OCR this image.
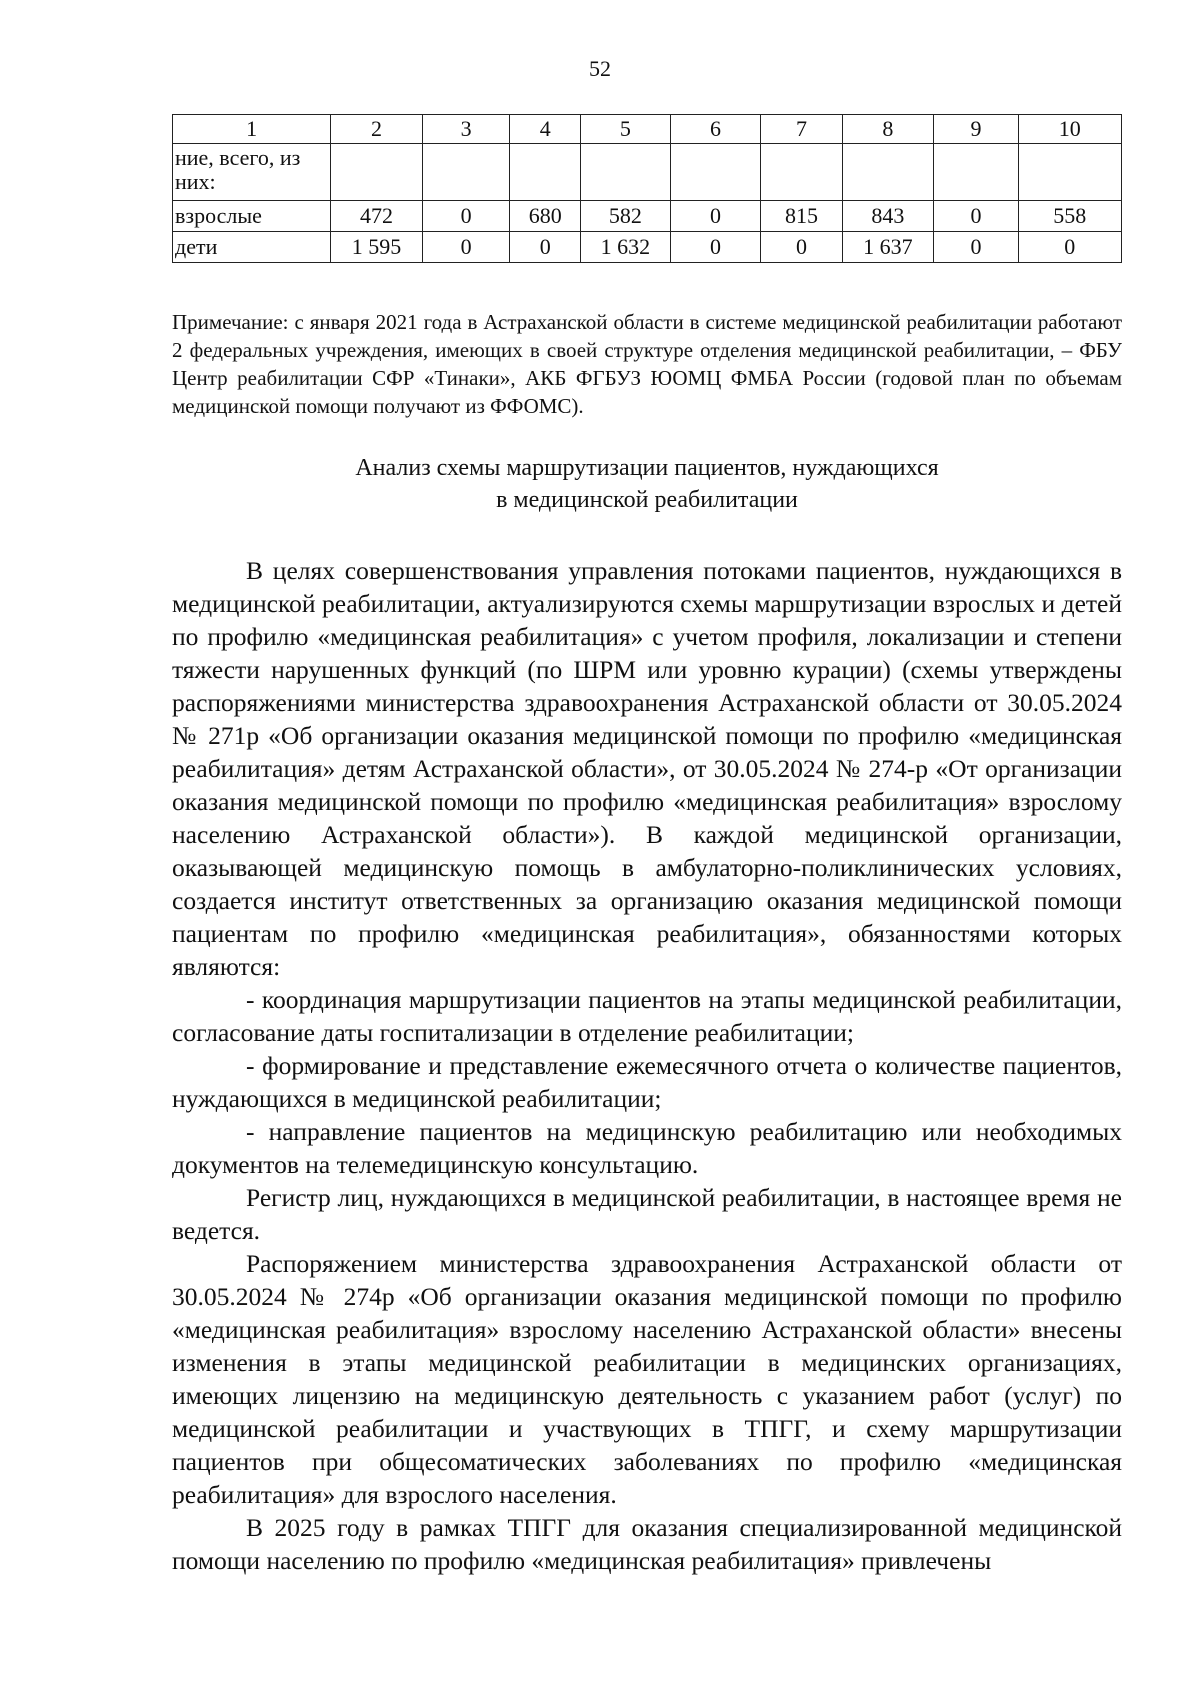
52
1	2	3	4	5	6	7	8	9	10
ние, всего, из них:									
взрослые	472	0	680	582	0	815	843	0	558
дети	1 595	0	0	1 632	0	0	1 637	0	0
Примечание: с января 2021 года в Астраханской области в системе медицинской реабилитации работают 2 федеральных учреждения, имеющих в своей структуре отделения медицинской реабилитации, – ФБУ Центр реабилитации СФР «Тинаки», АКБ ФГБУЗ ЮОМЦ ФМБА России (годовой план по объемам медицинской помощи получают из ФФОМС).
Анализ схемы маршрутизации пациентов, нуждающихся
в медицинской реабилитации

В целях совершенствования управления потоками пациентов, нуждающихся в медицинской реабилитации, актуализируются схемы маршрутизации взрослых и детей по профилю «медицинская реабилитация» с учетом профиля, локализации и степени тяжести нарушенных функций (по ШРМ или уровню курации) (схемы утверждены распоряжениями министерства здравоохранения Астраханской области от 30.05.2024 № 271р «Об организации оказания медицинской помощи по профилю «медицинская реабилитация» детям Астраханской области», от 30.05.2024 № 274-р «От организации оказания медицинской помощи по профилю «медицинская реабилитация» взрослому населению Астраханской области»). В каждой медицинской организации, оказывающей медицинскую помощь в амбулаторно-поликлинических условиях, создается институт ответственных за организацию оказания медицинской помощи пациентам по профилю «медицинская реабилитация», обязанностями которых являются:

- координация маршрутизации пациентов на этапы медицинской реабилитации, согласование даты госпитализации в отделение реабилитации;

- формирование и представление ежемесячного отчета о количестве пациентов, нуждающихся в медицинской реабилитации;

- направление пациентов на медицинскую реабилитацию или необходимых документов на телемедицинскую консультацию.

Регистр лиц, нуждающихся в медицинской реабилитации, в настоящее время не ведется.

Распоряжением министерства здравоохранения Астраханской области от 30.05.2024 № 274р «Об организации оказания медицинской помощи по профилю «медицинская реабилитация» взрослому населению Астраханской области» внесены изменения в этапы медицинской реабилитации в медицинских организациях, имеющих лицензию на медицинскую деятельность с указанием работ (услуг) по медицинской реабилитации и участвующих в ТПГГ, и схему маршрутизации пациентов при общесоматических заболеваниях по профилю «медицинская реабилитация» для взрослого населения.

В 2025 году в рамках ТПГГ для оказания специализированной медицинской помощи населению по профилю «медицинская реабилитация» привлечены
